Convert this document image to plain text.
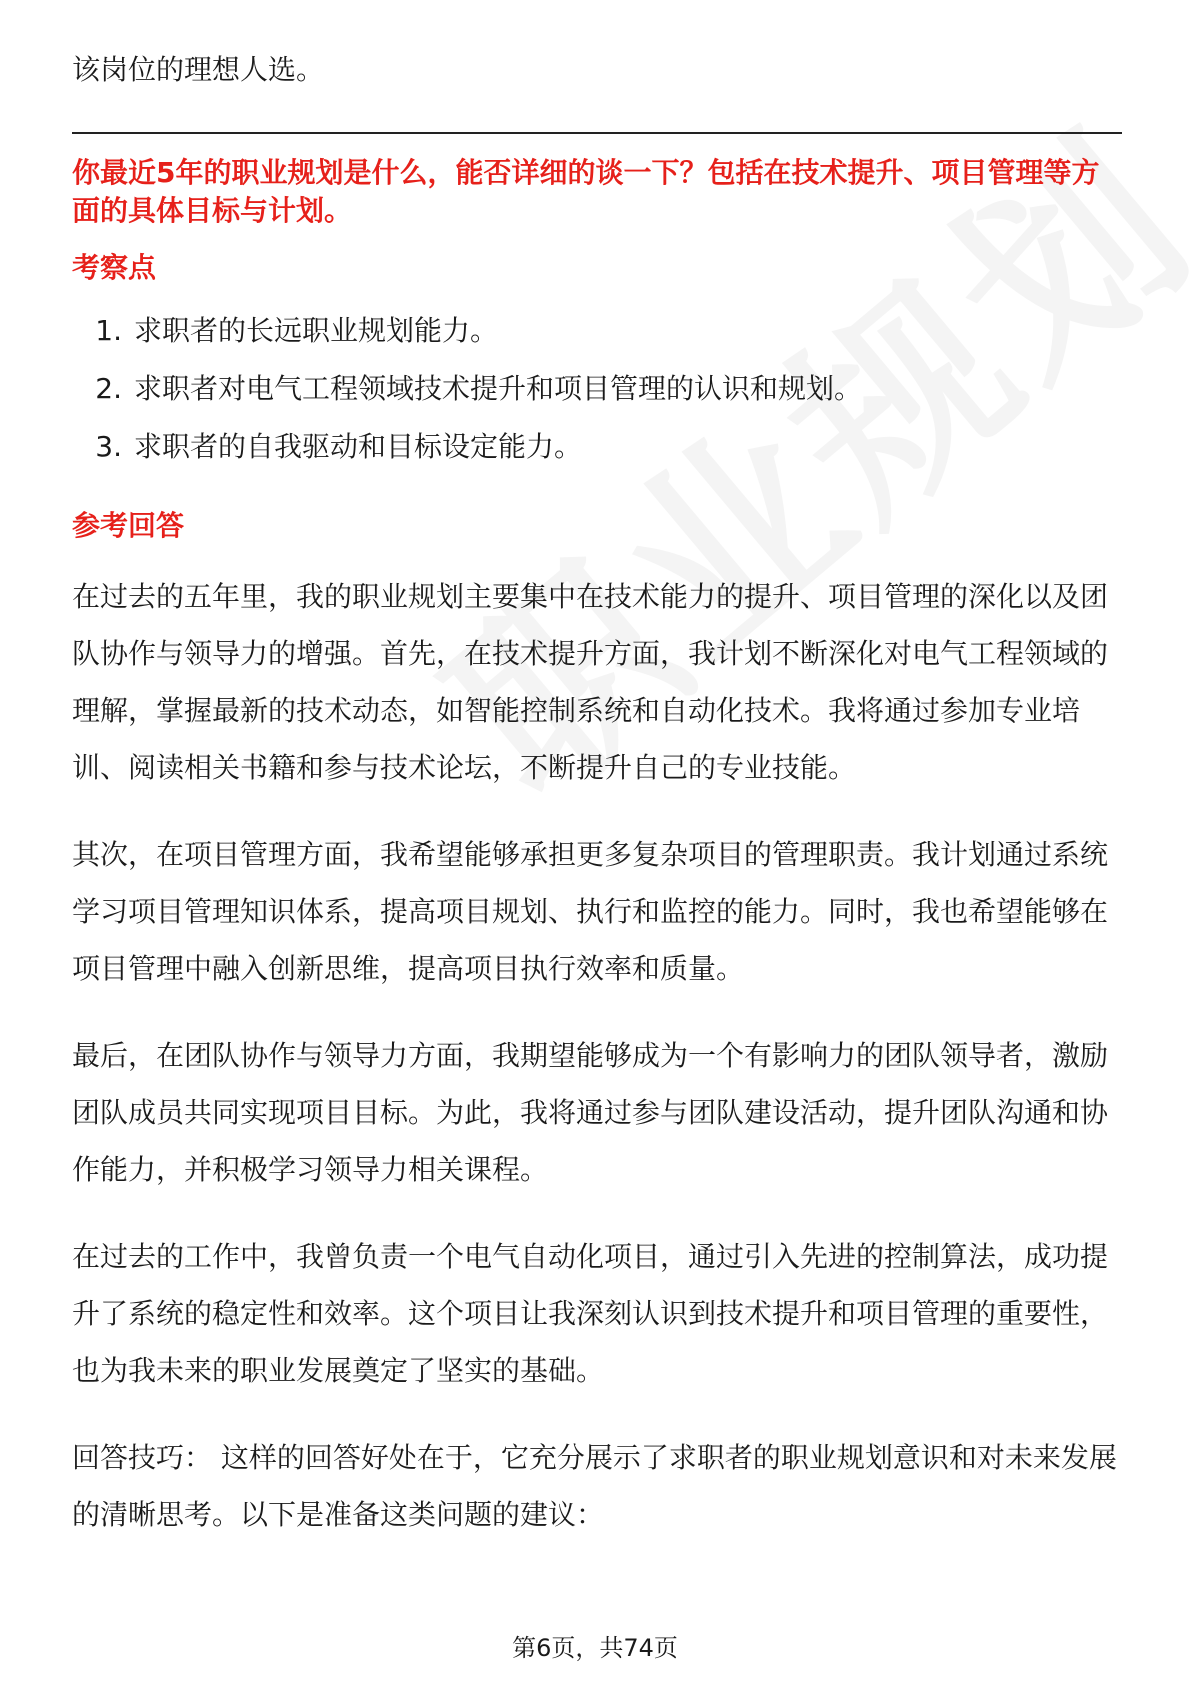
该岗位的理想人选。

你最近5年的职业规划是什么，能否详细的谈一下？包括在技术提升、项目管理等方面的具体目标与计划。

考察点
1. 求职者的长远职业规划能力。
2. 求职者对电气工程领域技术提升和项目管理的认识和规划。
3. 求职者的自我驱动和目标设定能力。
参考回答

在过去的五年里，我的职业规划主要集中在技术能力的提升、项目管理的深化以及团队协作与领导力的增强。首先，在技术提升方面，我计划不断深化对电气工程领域的理解，掌握最新的技术动态，如智能控制系统和自动化技术。我将通过参加专业培训、阅读相关书籍和参与技术论坛，不断提升自己的专业技能。

其次，在项目管理方面，我希望能够承担更多复杂项目的管理职责。我计划通过系统学习项目管理知识体系，提高项目规划、执行和监控的能力。同时，我也希望能够在项目管理中融入创新思维，提高项目执行效率和质量。

最后，在团队协作与领导力方面，我期望能够成为一个有影响力的团队领导者，激励团队成员共同实现项目目标。为此，我将通过参与团队建设活动，提升团队沟通和协作能力，并积极学习领导力相关课程。

在过去的工作中，我曾负责一个电气自动化项目，通过引入先进的控制算法，成功提升了系统的稳定性和效率。这个项目让我深刻认识到技术提升和项目管理的重要性，也为我未来的职业发展奠定了坚实的基础。

回答技巧： 这样的回答好处在于，它充分展示了求职者的职业规划意识和对未来发展的清晰思考。以下是准备这类问题的建议：

第6页，共74页
